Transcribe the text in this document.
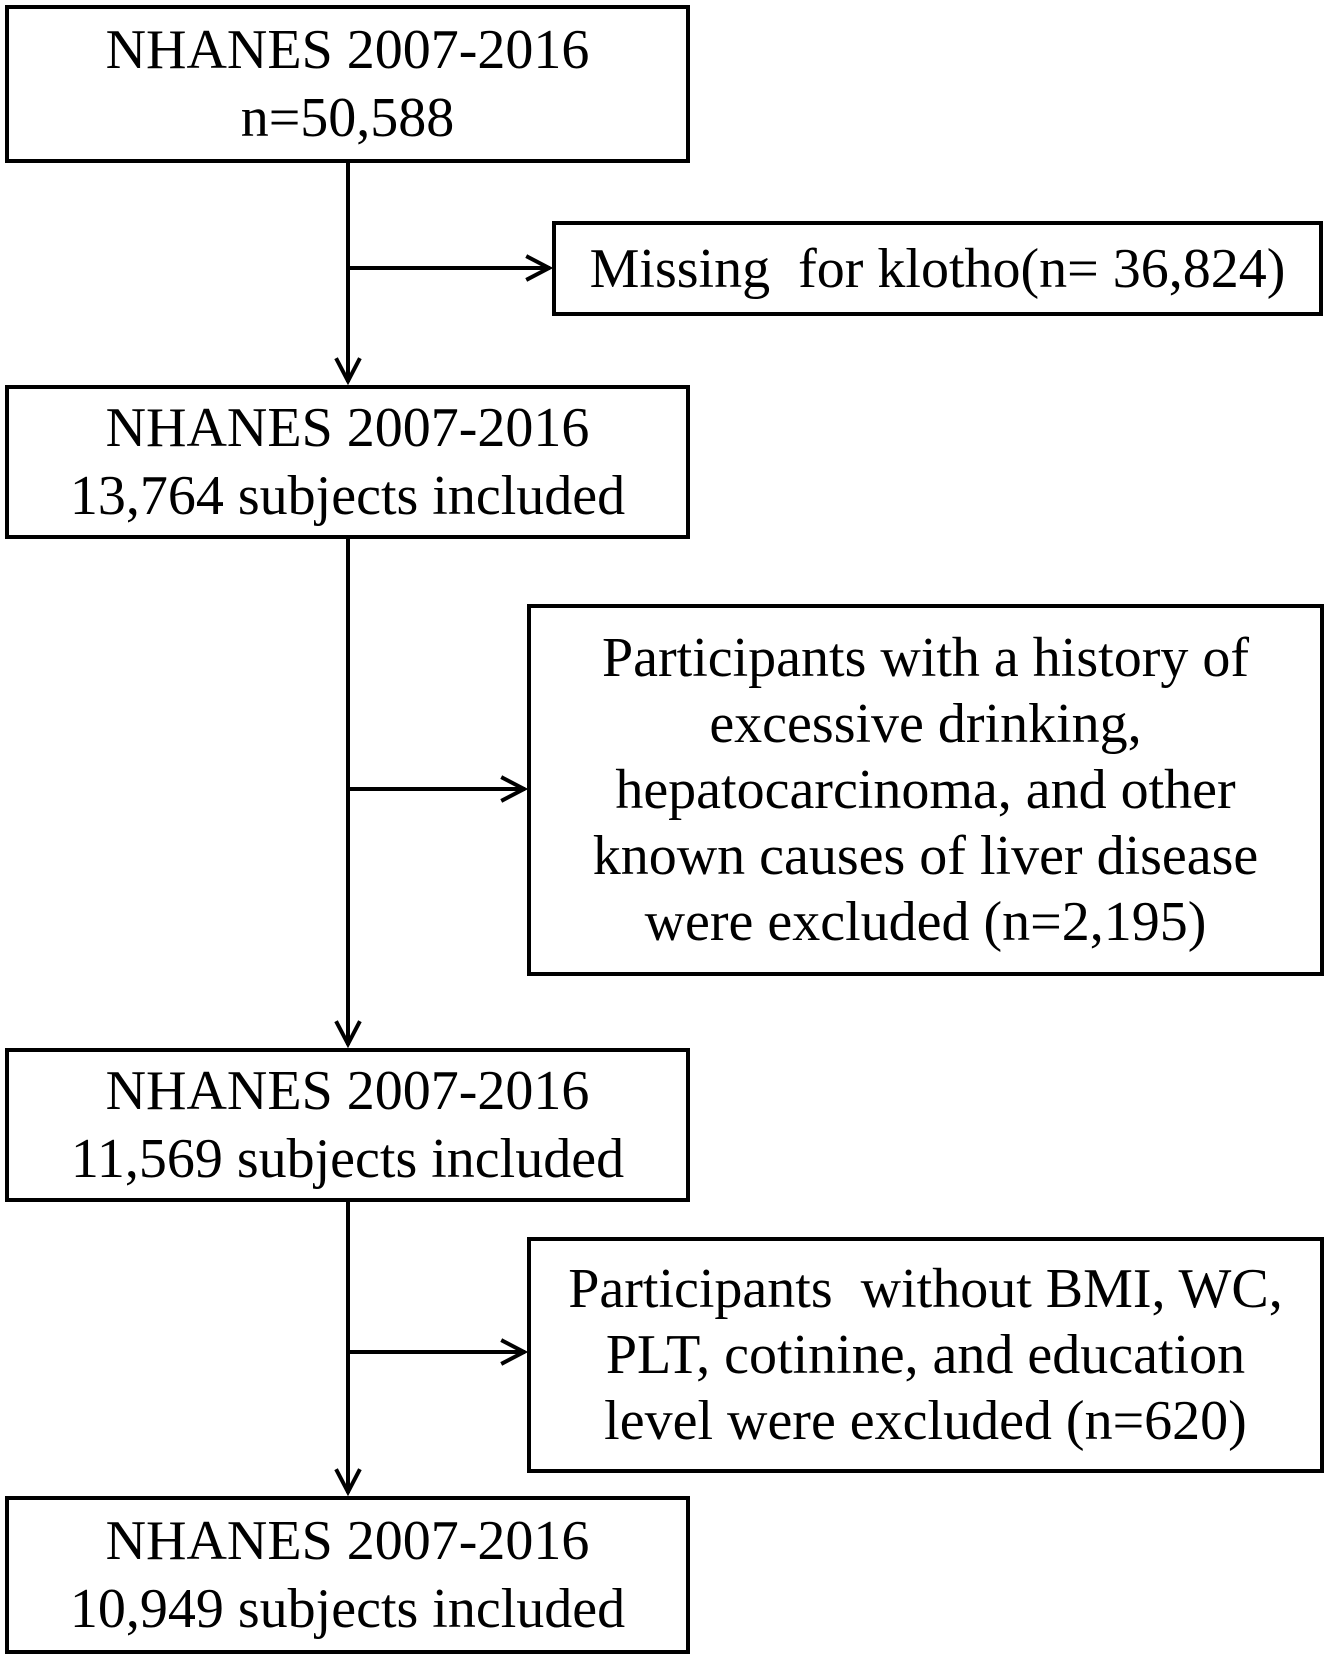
NHANES 2007-2016
n=50,588
Missing  for klotho(n= 36,824)
NHANES 2007-2016
13,764 subjects included
Participants with a history of
excessive drinking,
hepatocarcinoma, and other
known causes of liver disease
were excluded (n=2,195)
NHANES 2007-2016
11,569 subjects included
Participants  without BMI, WC,
PLT, cotinine, and education
level were excluded (n=620)
NHANES 2007-2016
10,949 subjects included
